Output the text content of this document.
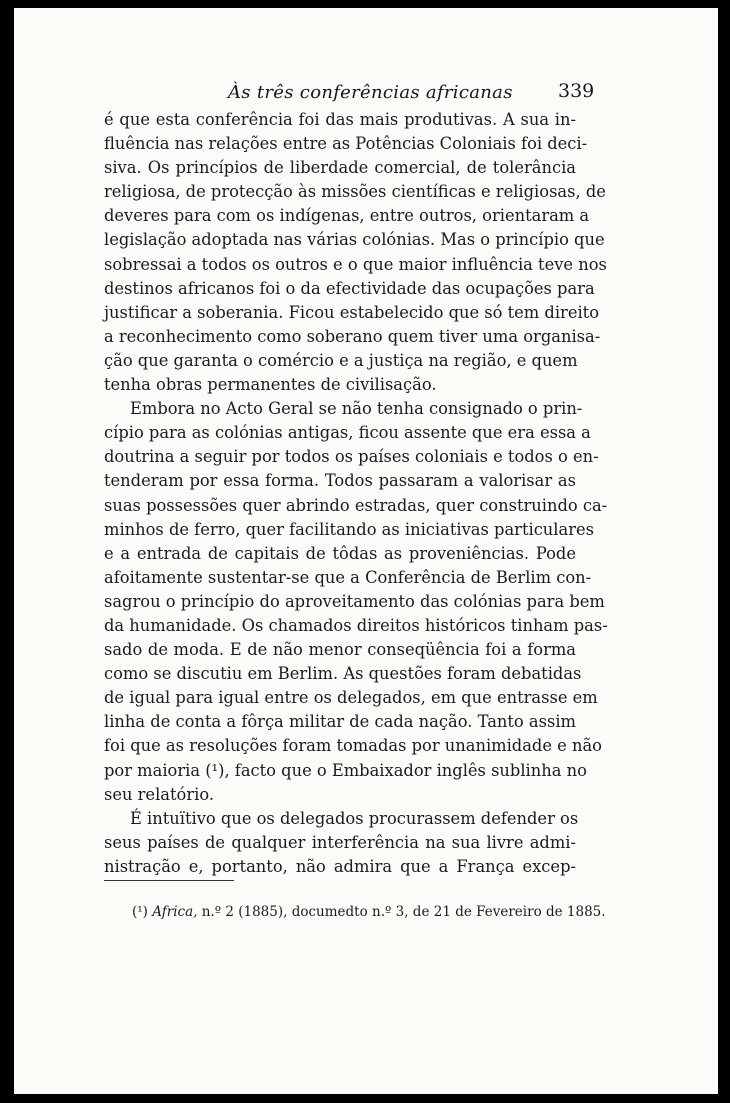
Às três conferências africanas 339
é que esta conferência foi das mais produtivas. A sua in-
fluência nas relações entre as Potências Coloniais foi deci-
siva. Os princípios de liberdade comercial, de tolerância
religiosa, de protecção às missões científicas e religiosas, de
deveres para com os indígenas, entre outros, orientaram a
legislação adoptada nas várias colónias. Mas o princípio que
sobressai a todos os outros e o que maior influência teve nos
destinos africanos foi o da efectividade das ocupações para
justificar a soberania. Ficou estabelecido que só tem direito
a reconhecimento como soberano quem tiver uma organisa-
ção que garanta o comércio e a justiça na região, e quem
tenha obras permanentes de civilisação.
Embora no Acto Geral se não tenha consignado o prin-
cípio para as colónias antigas, ficou assente que era essa a
doutrina a seguir por todos os países coloniais e todos o en-
tenderam por essa forma. Todos passaram a valorisar as
suas possessões quer abrindo estradas, quer construindo ca-
minhos de ferro, quer facilitando as iniciativas particulares
e a entrada de capitais de tôdas as proveniências. Pode
afoitamente sustentar-se que a Conferência de Berlim con-
sagrou o princípio do aproveitamento das colónias para bem
da humanidade. Os chamados direitos históricos tinham pas-
sado de moda. E de não menor conseqüência foi a forma
como se discutiu em Berlim. As questões foram debatidas
de igual para igual entre os delegados, em que entrasse em
linha de conta a fôrça militar de cada nação. Tanto assim
foi que as resoluções foram tomadas por unanimidade e não
por maioria (¹), facto que o Embaixador inglês sublinha no
seu relatório.
É intuïtivo que os delegados procurassem defender os
seus países de qualquer interferência na sua livre admi-
nistração e, portanto, não admira que a França excep-
(¹) Africa, n.º 2 (1885), documedto n.º 3, de 21 de Fevereiro de 1885.
